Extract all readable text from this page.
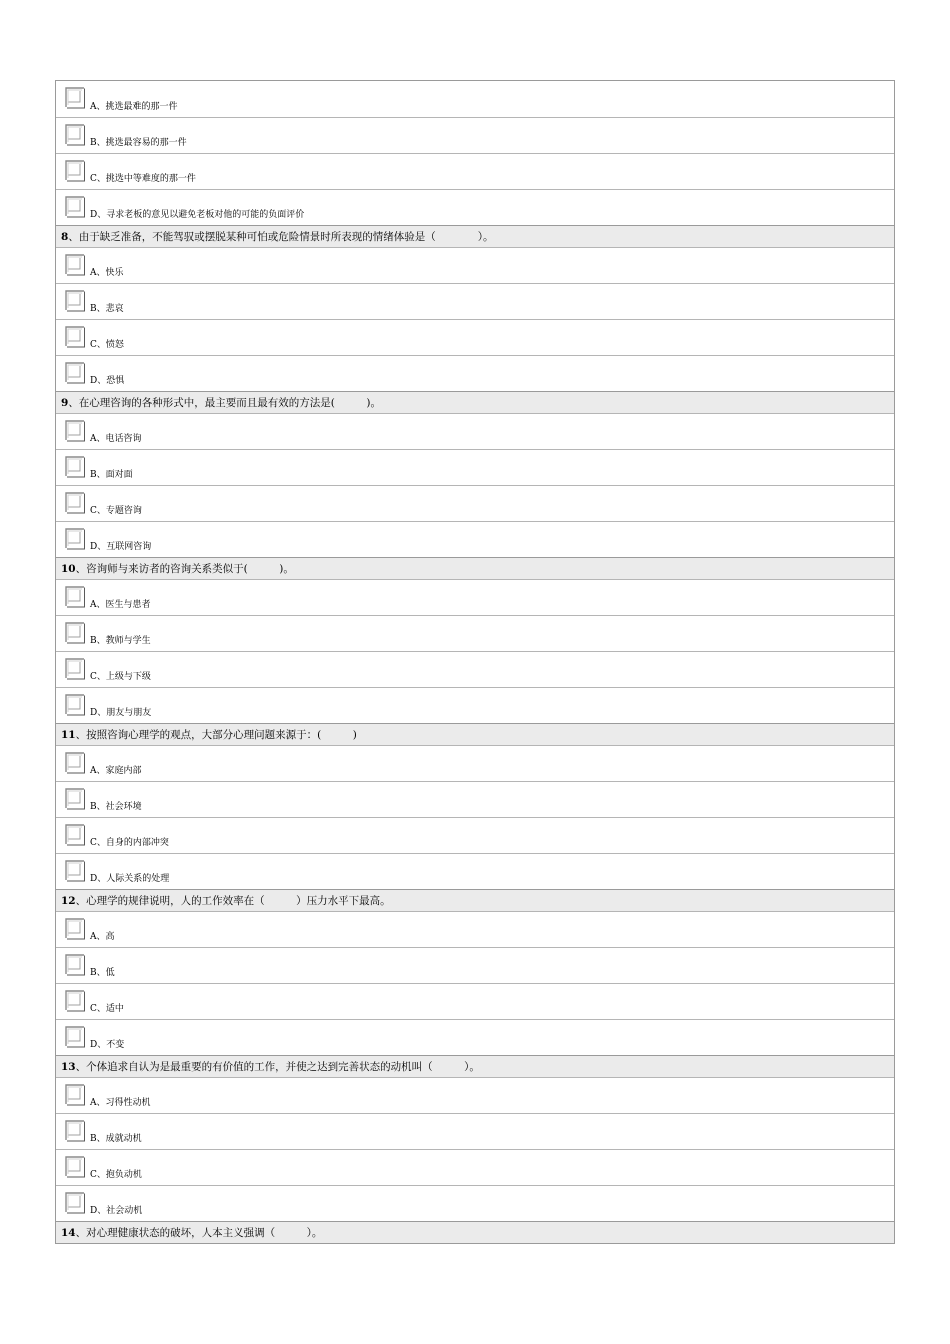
A、挑选最难的那一件
B、挑选最容易的那一件
C、挑选中等难度的那一件
D、寻求老板的意见以避免老板对他的可能的负面评价
8、由于缺乏准备，不能驾驭或摆脱某种可怕或危险情景时所表现的情绪体验是（　　　　）。
A、快乐
B、悲哀
C、愤怒
D、恐惧
9、在心理咨询的各种形式中，最主要而且最有效的方法是(　　　)。
A、电话咨询
B、面对面
C、专题咨询
D、互联网咨询
10、咨询师与来访者的咨询关系类似于(　　　)。
A、医生与患者
B、教师与学生
C、上级与下级
D、朋友与朋友
11、按照咨询心理学的观点，大部分心理问题来源于：(　　　)
A、家庭内部
B、社会环境
C、自身的内部冲突
D、人际关系的处理
12、心理学的规律说明，人的工作效率在（　　　）压力水平下最高。
A、高
B、低
C、适中
D、不变
13、个体追求自认为是最重要的有价值的工作，并使之达到完善状态的动机叫（　　　）。
A、习得性动机
B、成就动机
C、抱负动机
D、社会动机
14、对心理健康状态的破坏，人本主义强调（　　　）。
